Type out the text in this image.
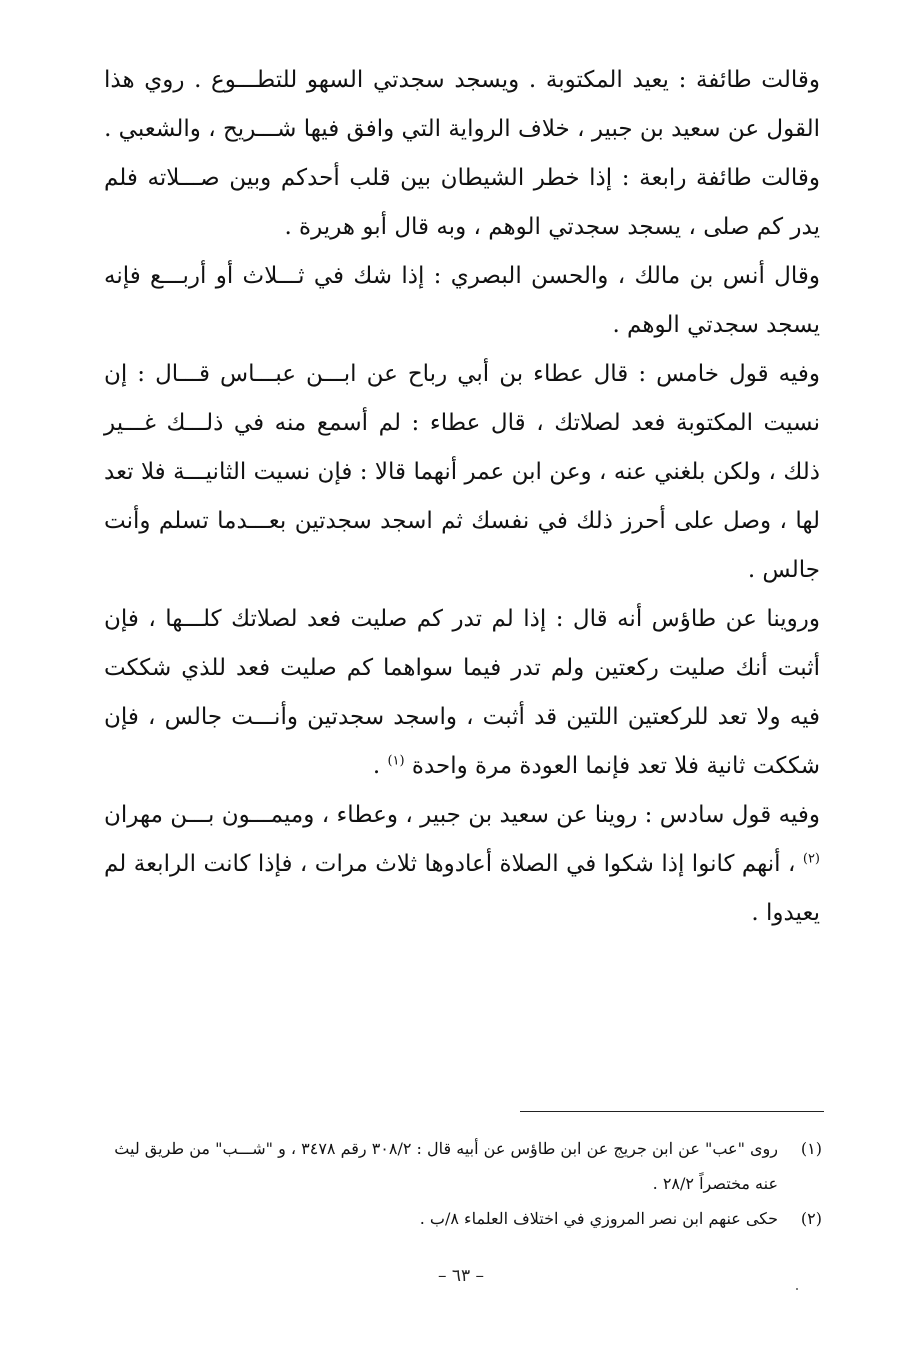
وقالت طائفة : يعيد المكتوبة . ويسجد سجدتي السهو للتطـــوع . روي هذا القول عن سعيد بن جبير ، خلاف الرواية التي وافق فيها شـــريح ، والشعبي .

وقالت طائفة رابعة : إذا خطر الشيطان بين قلب أحدكم وبين صـــلاته فلم يدر كم صلى ، يسجد سجدتي الوهم ، وبه قال أبو هريرة .

وقال أنس بن مالك ، والحسن البصري : إذا شك في ثـــلاث أو أربـــع فإنه يسجد سجدتي الوهم .

وفيه قول خامس : قال عطاء بن أبي رباح عن ابـــن عبـــاس قـــال : إن نسيت المكتوبة فعد لصلاتك ، قال عطاء : لم أسمع منه في ذلـــك غـــير ذلك ، ولكن بلغني عنه ، وعن ابن عمر أنهما قالا : فإن نسيت الثانيـــة فلا تعد لها ، وصل على أحرز ذلك في نفسك ثم اسجد سجدتين بعـــدما تسلم وأنت جالس .

وروينا عن طاؤس أنه قال : إذا لم تدر كم صليت فعد لصلاتك كلـــها ، فإن أثبت أنك صليت ركعتين ولم تدر فيما سواهما كم صليت فعد للذي شككت فيه ولا تعد للركعتين اللتين قد أثبت ، واسجد سجدتين وأنـــت جالس ، فإن شككت ثانية فلا تعد فإنما العودة مرة واحدة $^{(١)}$ .

وفيه قول سادس : روينا عن سعيد بن جبير ، وعطاء ، وميمـــون بـــن مهران $^{(٢)}$ ، أنهم كانوا إذا شكوا في الصلاة أعادوها ثلاث مرات ، فإذا كانت الرابعة لم يعيدوا .

(١)
روى "عب" عن ابن جريج عن ابن طاؤس عن أبيه قال : ٣٠٨/٢ رقم ٣٤٧٨ ، و "شـــب" من طريق ليث عنه مختصراً ٢٨/٢ .
(٢)
حكى عنهم ابن نصر المروزي في اختلاف العلماء ٨/ب .
– ٦٣ –
